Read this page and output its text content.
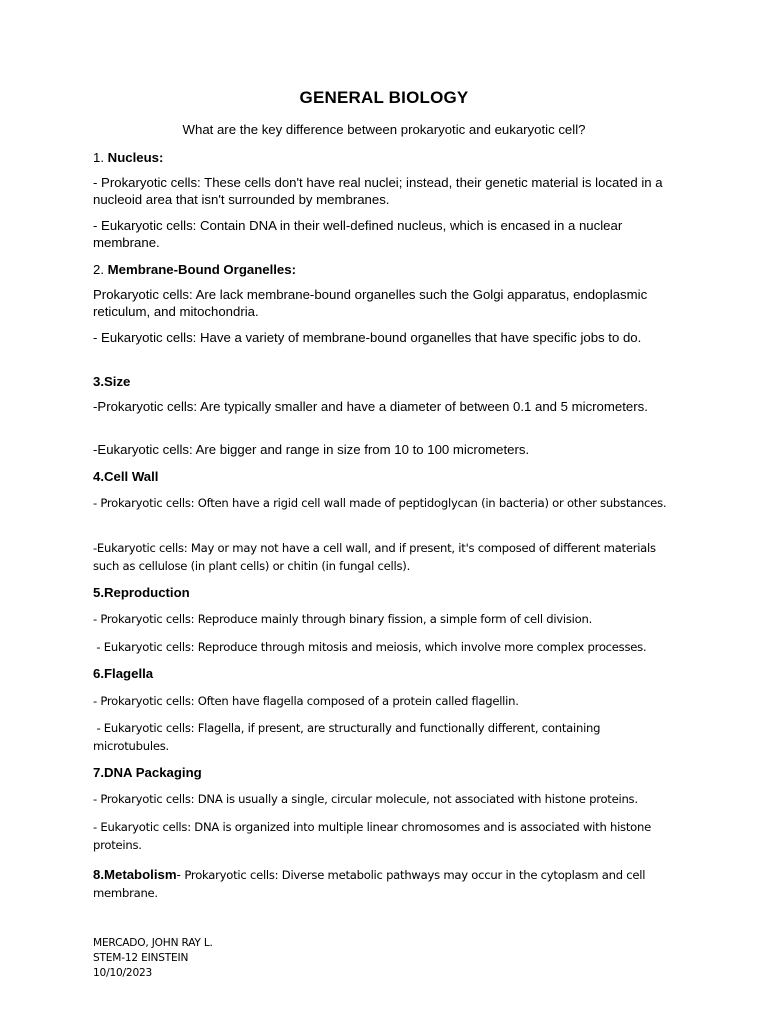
GENERAL BIOLOGY
What are the key difference between prokaryotic and eukaryotic cell?
1. Nucleus:
- Prokaryotic cells: These cells don't have real nuclei; instead, their genetic material is located in a nucleoid area that isn't surrounded by membranes.
- Eukaryotic cells: Contain DNA in their well-defined nucleus, which is encased in a nuclear membrane.
2. Membrane-Bound Organelles:
Prokaryotic cells: Are lack membrane-bound organelles such the Golgi apparatus, endoplasmic reticulum, and mitochondria.
- Eukaryotic cells: Have a variety of membrane-bound organelles that have specific jobs to do.
3.Size
-Prokaryotic cells: Are typically smaller and have a diameter of between 0.1 and 5 micrometers.
-Eukaryotic cells: Are bigger and range in size from 10 to 100 micrometers.
4.Cell Wall
- Prokaryotic cells: Often have a rigid cell wall made of peptidoglycan (in bacteria) or other substances.
-Eukaryotic cells: May or may not have a cell wall, and if present, it's composed of different materials such as cellulose (in plant cells) or chitin (in fungal cells).
5.Reproduction
- Prokaryotic cells: Reproduce mainly through binary fission, a simple form of cell division.
- Eukaryotic cells: Reproduce through mitosis and meiosis, which involve more complex processes.
6.Flagella
- Prokaryotic cells: Often have flagella composed of a protein called flagellin.
- Eukaryotic cells: Flagella, if present, are structurally and functionally different, containing microtubules.
7.DNA Packaging
- Prokaryotic cells: DNA is usually a single, circular molecule, not associated with histone proteins.
- Eukaryotic cells: DNA is organized into multiple linear chromosomes and is associated with histone proteins.
8.Metabolism- Prokaryotic cells: Diverse metabolic pathways may occur in the cytoplasm and cell membrane.
MERCADO, JOHN RAY L.
STEM-12 EINSTEIN
10/10/2023
